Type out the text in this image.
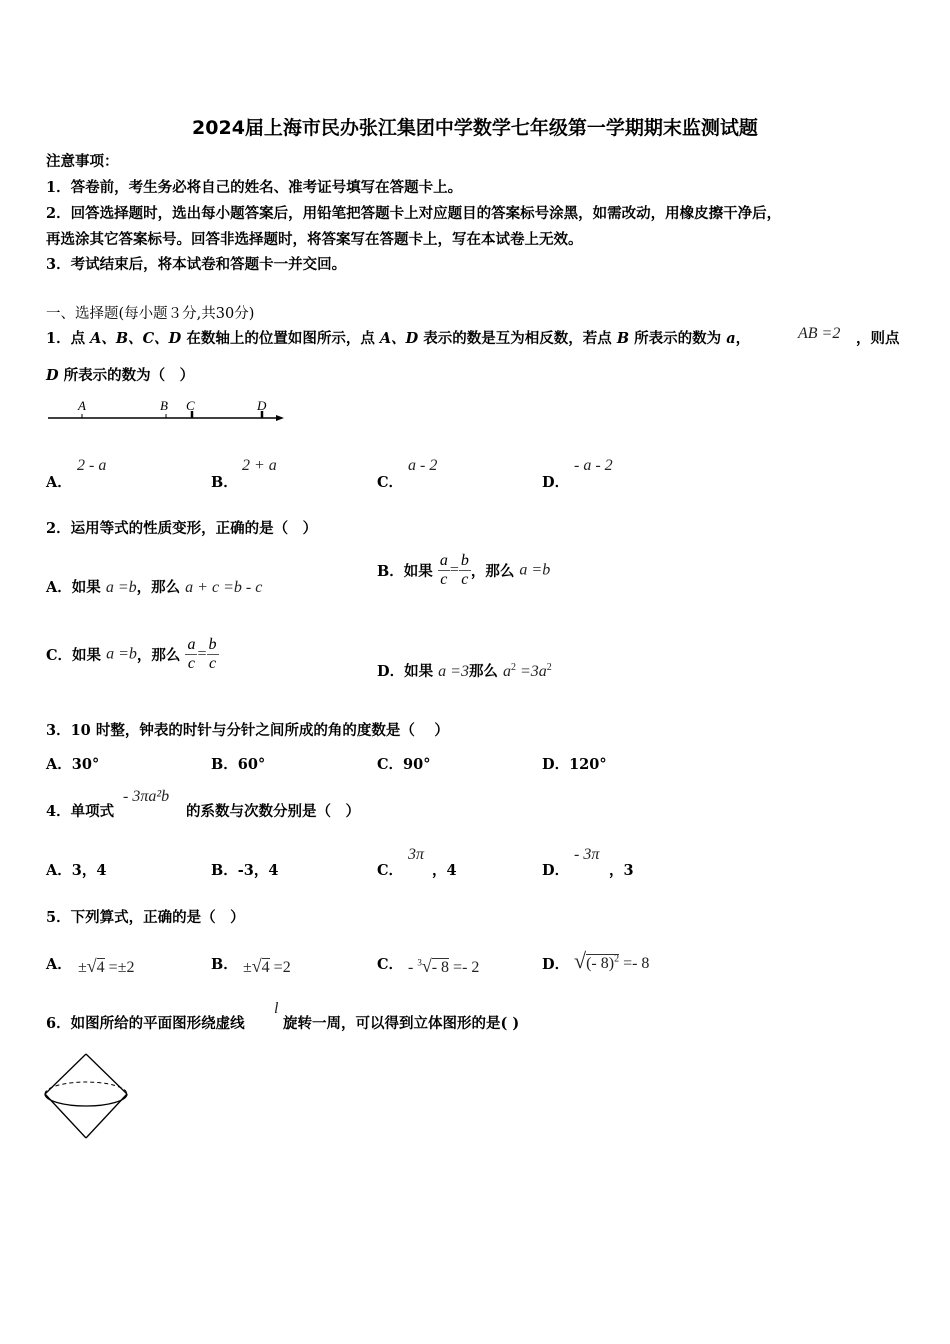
2024届上海市民办张江集团中学数学七年级第一学期期末监测试题
注意事项：
1．答卷前，考生务必将自己的姓名、准考证号填写在答题卡上。
2．回答选择题时，选出每小题答案后，用铅笔把答题卡上对应题目的答案标号涂黑，如需改动，用橡皮擦干净后，
再选涂其它答案标号。回答非选择题时，将答案写在答题卡上，写在本试卷上无效。
3．考试结束后，将本试卷和答题卡一并交回。
一、选择题(每小题３分,共30分)
1．点 A、B、C、D 在数轴上的位置如图所示，点 A、D 表示的数是互为相反数，若点 B 所表示的数为 a，	AB =2 ，则点
D 所表示的数为（　）
A	B C	D
A．
2 - a
B．
2 + a
C．
a - 2
D．
- a - 2
2．运用等式的性质变形，正确的是（　）
A．如果 a =b，那么 a + c =b - c
B．如果 $\frac{a}{c} = \frac{b}{c}$ ，那么 a =b
C．如果 a =b，那么 $\frac{a}{c} = \frac{b}{c}$	D．如果 a =3那么 $a^2 =3a^2$
3．10 时整，钟表的时针与分针之间所成的角的度数是（　 ）
A．30°	B．60°	C．90°	D．120°
4．单项式
- 3πa²b
的系数与次数分别是（　）
A．3，4	B．-3，4	C．
3π
，4	D．
- 3π
，3
5．下列算式，正确的是（　）
A． ±√4 =±2	B． ±√4 =2	C． - $^3$√- 8 =- 2	D． √(- 8)$^2$ =- 8
6．如图所给的平面图形绕虚线
l
旋转一周，可以得到立体图形的是( )
